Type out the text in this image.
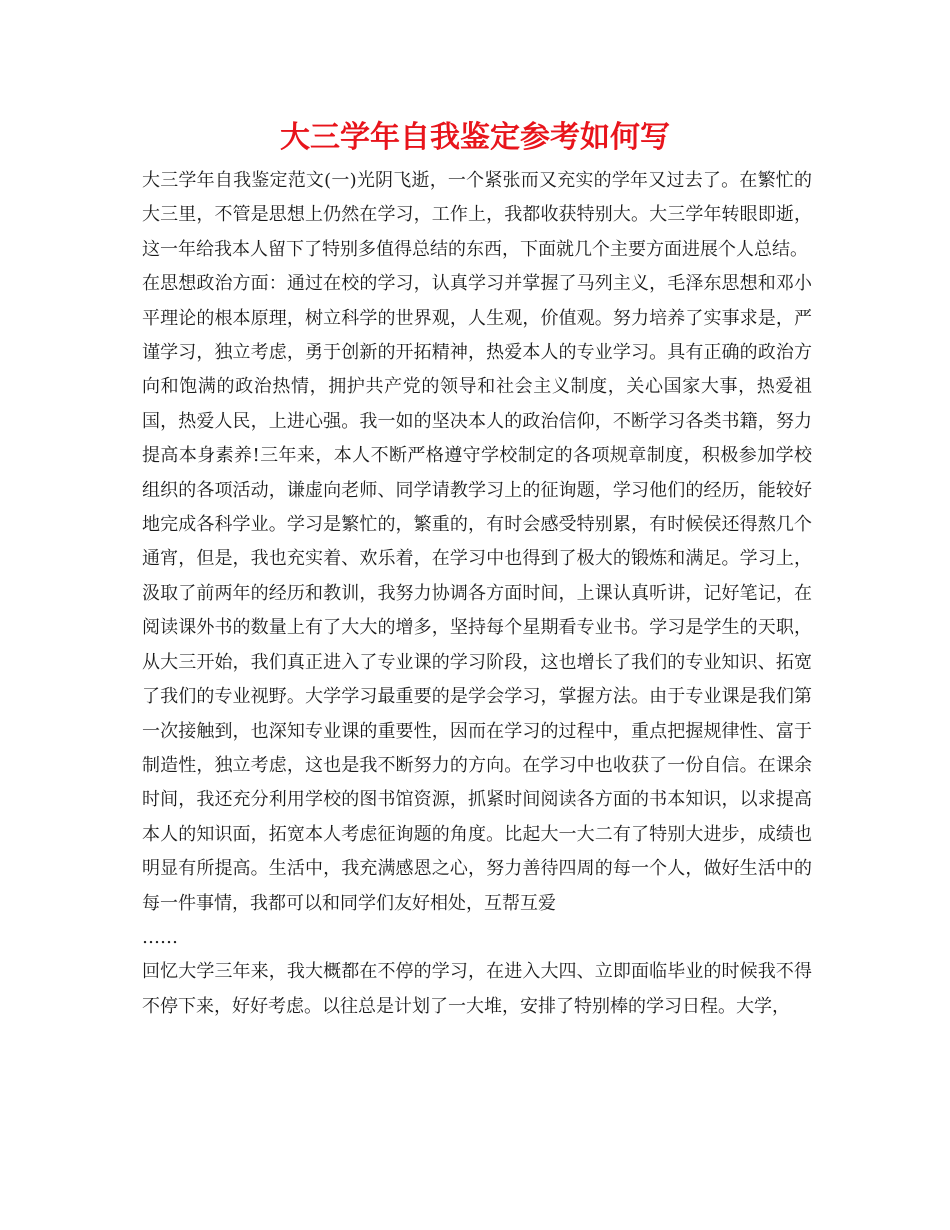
大三学年自我鉴定参考如何写

大三学年自我鉴定范文(一)光阴飞逝，一个紧张而又充实的学年又过去了。在繁忙的大三里，不管是思想上仍然在学习，工作上，我都收获特别大。大三学年转眼即逝，这一年给我本人留下了特别多值得总结的东西，下面就几个主要方面进展个人总结。

在思想政治方面：通过在校的学习，认真学习并掌握了马列主义，毛泽东思想和邓小平理论的根本原理，树立科学的世界观，人生观，价值观。努力培养了实事求是，严谨学习，独立考虑，勇于创新的开拓精神，热爱本人的专业学习。具有正确的政治方向和饱满的政治热情，拥护共产党的领导和社会主义制度，关心国家大事，热爱祖国，热爱人民，上进心强。我一如的坚决本人的政治信仰，不断学习各类书籍，努力提高本身素养!三年来，本人不断严格遵守学校制定的各项规章制度，积极参加学校组织的各项活动，谦虚向老师、同学请教学习上的征询题，学习他们的经历，能较好地完成各科学业。学习是繁忙的，繁重的，有时会感受特别累，有时候侯还得熬几个通宵，但是，我也充实着、欢乐着，在学习中也得到了极大的锻炼和满足。学习上，汲取了前两年的经历和教训，我努力协调各方面时间，上课认真听讲，记好笔记，在阅读课外书的数量上有了大大的增多，坚持每个星期看专业书。学习是学生的天职，从大三开始，我们真正进入了专业课的学习阶段，这也增长了我们的专业知识、拓宽了我们的专业视野。大学学习最重要的是学会学习，掌握方法。由于专业课是我们第一次接触到，也深知专业课的重要性，因而在学习的过程中，重点把握规律性、富于制造性，独立考虑，这也是我不断努力的方向。在学习中也收获了一份自信。在课余时间，我还充分利用学校的图书馆资源，抓紧时间阅读各方面的书本知识，以求提高本人的知识面，拓宽本人考虑征询题的角度。比起大一大二有了特别大进步，成绩也明显有所提高。生活中，我充满感恩之心，努力善待四周的每一个人，做好生活中的每一件事情，我都可以和同学们友好相处，互帮互爱

……

回忆大学三年来，我大概都在不停的学习，在进入大四、立即面临毕业的时候我不得不停下来，好好考虑。以往总是计划了一大堆，安排了特别棒的学习日程。大学，
